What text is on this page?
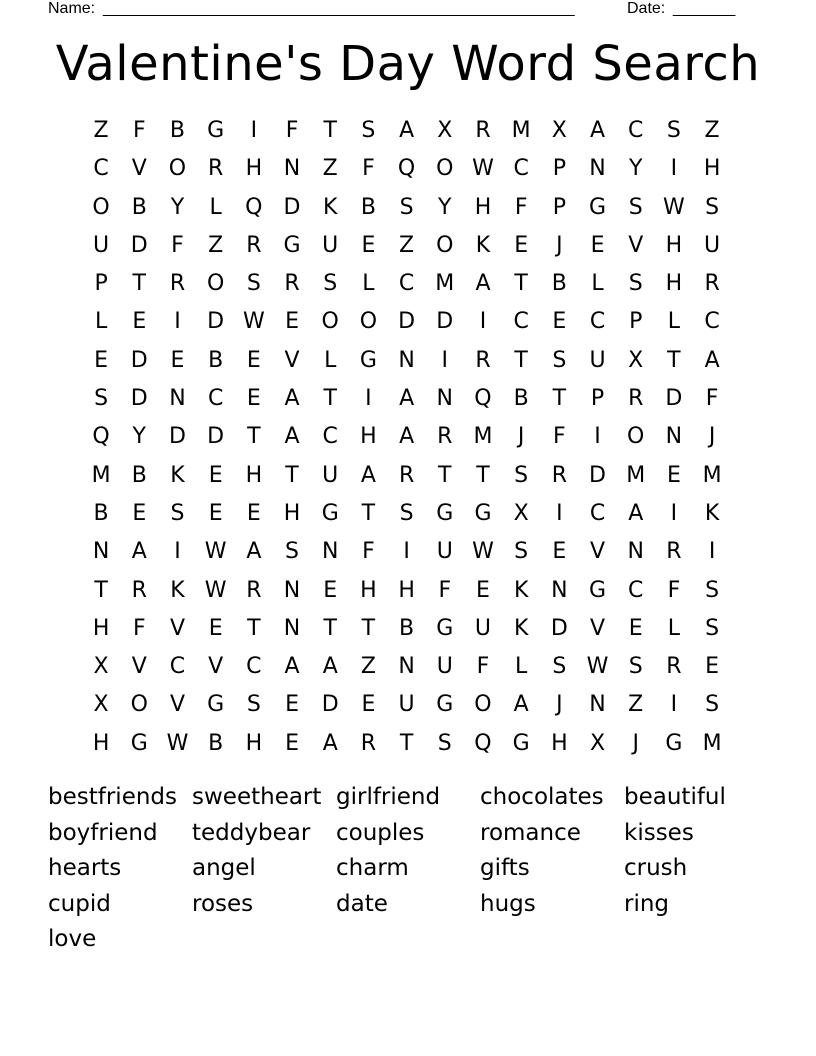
Name: _____________________________________________________	Date: _______
Valentine's Day Word Search
Z	F	B	G	I	F	T	S	A	X	R M X	A	C	S	Z
C	V O R	H N	Z	F	Q O W C	P	N	Y	I	H
O B	Y	L	Q D	K	B	S	Y	H	F	P	G	S W S
U D	F	Z	R	G U	E	Z O	K	E	J	E	V	H U
P	T	R O	S	R	S	L	C M A	T	B	L	S	H	R
L	E	I	D W E	O O D D	I	C	E	C	P	L	C
E	D	E	B	E	V	L	G N	I	R	T	S	U	X	T	A
S	D N	C	E	A	T	I	A	N Q B	T	P	R	D	F
Q	Y	D D	T	A	C	H	A	R M	J	F	I	O N	J
M B	K	E	H	T	U	A	R	T	T	S	R	D M E M
B	E	S	E	E	H G	T	S	G G	X	I	C	A	I	K
N	A	I	W A	S	N	F	I	U W S	E	V	N	R	I
T	R	K W R	N	E	H H	F	E	K	N G C	F	S
H	F	V	E	T	N	T	T	B	G U	K	D	V	E	L	S
X	V	C	V	C	A	A	Z	N U	F	L	S W S	R	E
X O	V	G	S	E	D	E	U G O	A	J	N	Z	I	S
H G W B	H	E	A	R	T	S	Q G H	X	J	G M
bestfriends sweetheart girlfriend	chocolates beautiful
boyfriend	teddybear	couples	romance	kisses
hearts	angel	charm	gifts	crush
cupid	roses	date	hugs	ring
love
